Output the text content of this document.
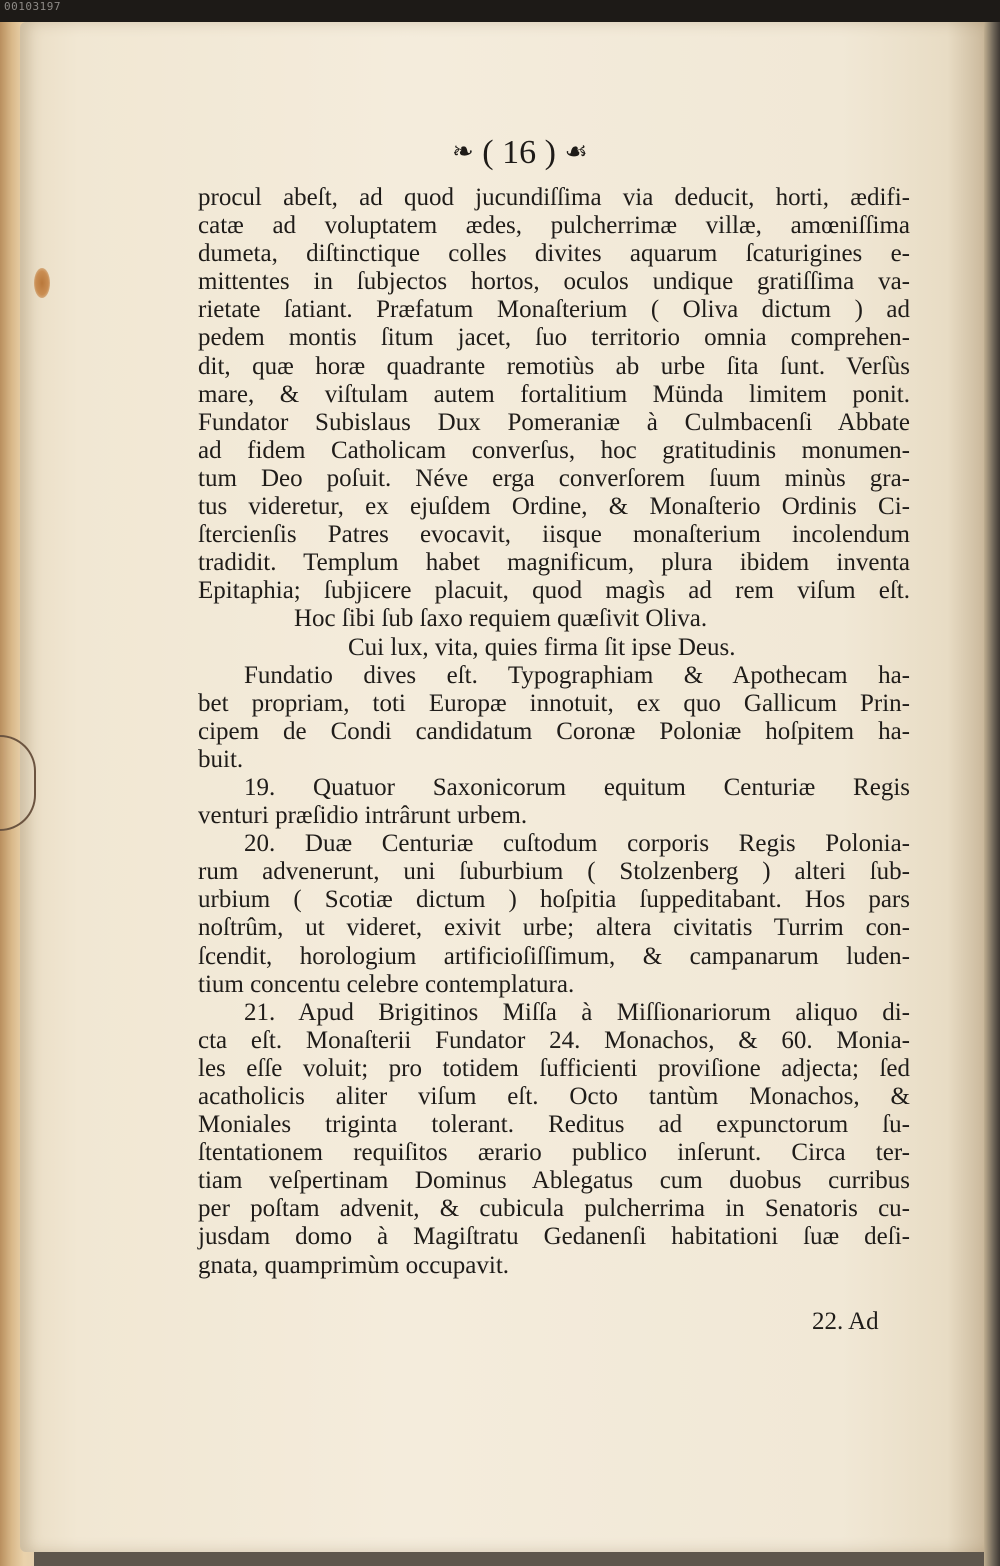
00103197
❧ ( 16 ) ☙
procul abeſt, ad quod jucundiſſima via deducit, horti, ædifi-
catæ ad voluptatem ædes, pulcherrimæ villæ, amœniſſima
dumeta, diſtinctique colles divites aquarum ſcaturigines e-
mittentes in ſubjectos hortos, oculos undique gratiſſima va-
rietate ſatiant. Præfatum Monaſterium ( Oliva dictum ) ad
pedem montis ſitum jacet, ſuo territorio omnia comprehen-
dit, quæ horæ quadrante remotiùs ab urbe ſita ſunt. Verſùs
mare, & viſtulam autem fortalitium Münda limitem ponit.
Fundator Subislaus Dux Pomeraniæ à Culmbacenſi Abbate
ad fidem Catholicam converſus, hoc gratitudinis monumen-
tum Deo poſuit. Néve erga converſorem ſuum minùs gra-
tus videretur, ex ejuſdem Ordine, & Monaſterio Ordinis Ci-
ſtercienſis Patres evocavit, iisque monaſterium incolendum
tradidit. Templum habet magnificum, plura ibidem inventa
Epitaphia; ſubjicere placuit, quod magìs ad rem viſum eſt.
Hoc ſibi ſub ſaxo requiem quæſivit Oliva.
Cui lux, vita, quies firma ſit ipse Deus.
Fundatio dives eſt. Typographiam & Apothecam ha-
bet propriam, toti Europæ innotuit, ex quo Gallicum Prin-
cipem de Condi candidatum Coronæ Poloniæ hoſpitem ha-
buit.
19. Quatuor Saxonicorum equitum Centuriæ Regis
venturi præſidio intrârunt urbem.
20. Duæ Centuriæ cuſtodum corporis Regis Polonia-
rum advenerunt, uni ſuburbium ( Stolzenberg ) alteri ſub-
urbium ( Scotiæ dictum ) hoſpitia ſuppeditabant. Hos pars
noſtrûm, ut videret, exivit urbe; altera civitatis Turrim con-
ſcendit, horologium artificioſiſſimum, & campanarum luden-
tium concentu celebre contemplatura.
21. Apud Brigitinos Miſſa à Miſſionariorum aliquo di-
cta eſt. Monaſterii Fundator 24. Monachos, & 60. Monia-
les eſſe voluit; pro totidem ſufficienti proviſione adjecta; ſed
acatholicis aliter viſum eſt. Octo tantùm Monachos, &
Moniales triginta tolerant. Reditus ad expunctorum ſu-
ſtentationem requiſitos ærario publico inſerunt. Circa ter-
tiam veſpertinam Dominus Ablegatus cum duobus curribus
per poſtam advenit, & cubicula pulcherrima in Senatoris cu-
jusdam domo à Magiſtratu Gedanenſi habitationi ſuæ deſi-
gnata, quamprimùm occupavit.
22. Ad
